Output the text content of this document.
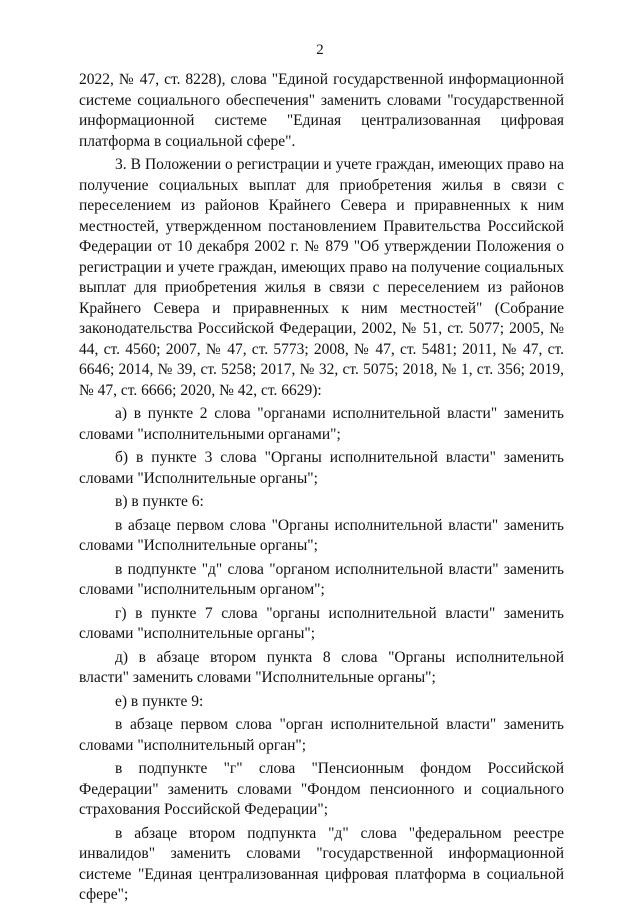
2

2022, № 47, ст. 8228), слова "Единой государственной информационной системе социального обеспечения" заменить словами "государственной информационной системе "Единая централизованная цифровая платформа в социальной сфере".

3. В Положении о регистрации и учете граждан, имеющих право на получение социальных выплат для приобретения жилья в связи с переселением из районов Крайнего Севера и приравненных к ним местностей, утвержденном постановлением Правительства Российской Федерации от 10 декабря 2002 г. № 879 "Об утверждении Положения о регистрации и учете граждан, имеющих право на получение социальных выплат для приобретения жилья в связи с переселением из районов Крайнего Севера и приравненных к ним местностей" (Собрание законодательства Российской Федерации, 2002, № 51, ст. 5077; 2005, № 44, ст. 4560; 2007, № 47, ст. 5773; 2008, № 47, ст. 5481; 2011, № 47, ст. 6646; 2014, № 39, ст. 5258; 2017, № 32, ст. 5075; 2018, № 1, ст. 356; 2019, № 47, ст. 6666; 2020, № 42, ст. 6629):

а) в пункте 2 слова "органами исполнительной власти" заменить словами "исполнительными органами";

б) в пункте 3 слова "Органы исполнительной власти" заменить словами "Исполнительные органы";

в) в пункте 6:

в абзаце первом слова "Органы исполнительной власти" заменить словами "Исполнительные органы";

в подпункте "д" слова "органом исполнительной власти" заменить словами "исполнительным органом";

г) в пункте 7 слова "органы исполнительной власти" заменить словами "исполнительные органы";

д) в абзаце втором пункта 8 слова "Органы исполнительной власти" заменить словами "Исполнительные органы";

е) в пункте 9:

в абзаце первом слова "орган исполнительной власти" заменить словами "исполнительный орган";

в подпункте "г" слова "Пенсионным фондом Российской Федерации" заменить словами "Фондом пенсионного и социального страхования Российской Федерации";

в абзаце втором подпункта "д" слова "федеральном реестре инвалидов" заменить словами "государственной информационной системе "Единая централизованная цифровая платформа в социальной сфере";
